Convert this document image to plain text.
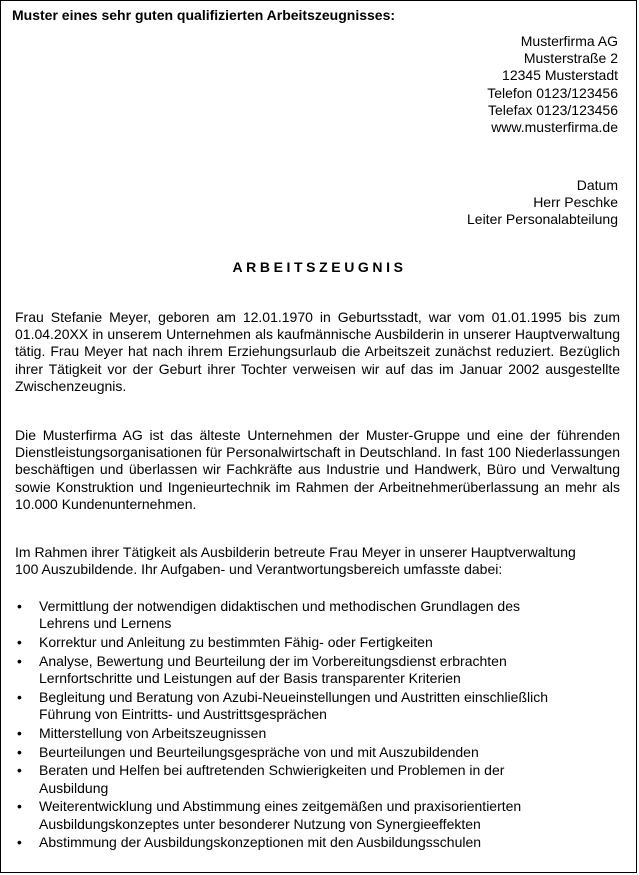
Muster eines sehr guten qualifizierten Arbeitszeugnisses:
Musterfirma AG
Musterstraße 2
12345 Musterstadt
Telefon 0123/123456
Telefax 0123/123456
www.musterfirma.de
Datum
Herr Peschke
Leiter Personalabteilung
ARBEITSZEUGNIS

Frau Stefanie Meyer, geboren am 12.01.1970 in Geburtsstadt, war vom 01.01.1995 bis zum 01.04.20XX in unserem Unternehmen als kaufmännische Ausbilderin in unserer Hauptverwaltung tätig. Frau Meyer hat nach ihrem Erziehungsurlaub die Arbeitszeit zunächst reduziert. Bezüglich ihrer Tätigkeit vor der Geburt ihrer Tochter verweisen wir auf das im Januar 2002 ausgestellte Zwischenzeugnis.

Die Musterfirma AG ist das älteste Unternehmen der Muster-Gruppe und eine der führenden Dienstleistungsorganisationen für Personalwirtschaft in Deutschland. In fast 100 Niederlassungen beschäftigen und überlassen wir Fachkräfte aus Industrie und Handwerk, Büro und Verwaltung sowie Konstruktion und Ingenieurtechnik im Rahmen der Arbeitnehmerüberlassung an mehr als 10.000 Kundenunternehmen.

Im Rahmen ihrer Tätigkeit als Ausbilderin betreute Frau Meyer in unserer Hauptverwaltung
100 Auszubildende. Ihr Aufgaben- und Verantwortungsbereich umfasste dabei:

• Vermittlung der notwendigen didaktischen und methodischen Grundlagen des
Lehrens und Lernens
• Korrektur und Anleitung zu bestimmten Fähig- oder Fertigkeiten
• Analyse, Bewertung und Beurteilung der im Vorbereitungsdienst erbrachten
Lernfortschritte und Leistungen auf der Basis transparenter Kriterien
• Begleitung und Beratung von Azubi-Neueinstellungen und Austritten einschließlich
Führung von Eintritts- und Austrittsgesprächen
• Mitterstellung von Arbeitszeugnissen
• Beurteilungen und Beurteilungsgespräche von und mit Auszubildenden
• Beraten und Helfen bei auftretenden Schwierigkeiten und Problemen in der
Ausbildung
• Weiterentwicklung und Abstimmung eines zeitgemäßen und praxisorientierten
Ausbildungskonzeptes unter besonderer Nutzung von Synergieeffekten
• Abstimmung der Ausbildungskonzeptionen mit den Ausbildungsschulen
